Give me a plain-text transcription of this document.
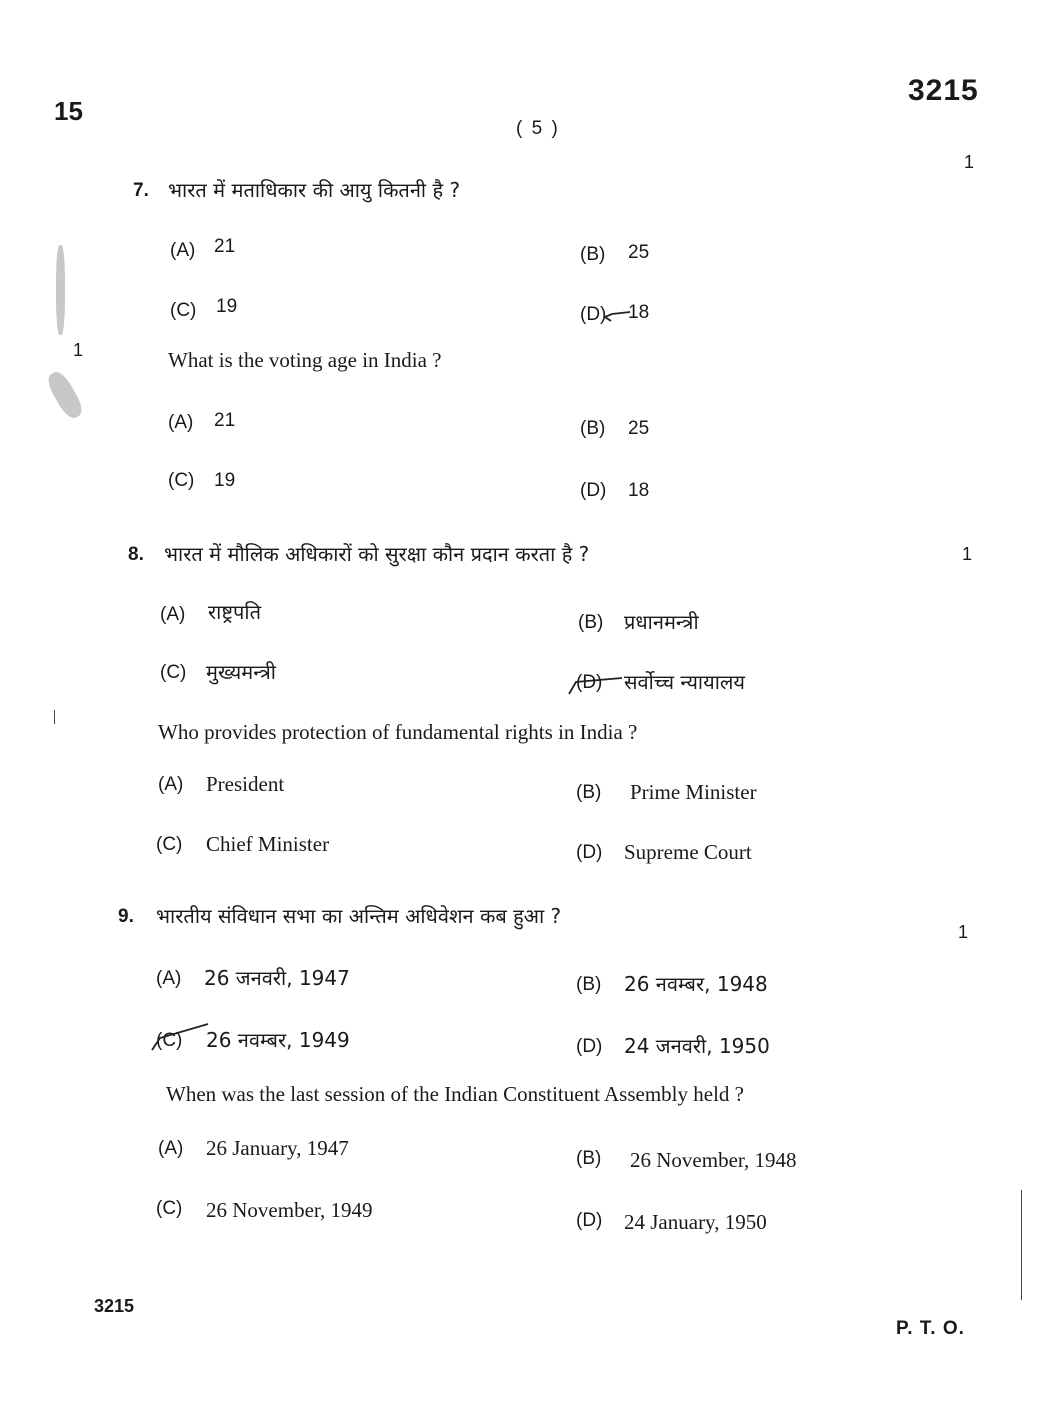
15
3215
( 5 )
7. भारत में मताधिकार की आयु कितनी है ?
1
1
(A) 21	(B) 25
(C) 19	(D) 18
What is the voting age in India ?
(A) 21	(B) 25
(C) 19	(D) 18
8. भारत में मौलिक अधिकारों को सुरक्षा कौन प्रदान करता है ?	1
(A) राष्ट्रपति	(B) प्रधानमन्त्री
(C) मुख्यमन्त्री	(D) सर्वोच्च न्यायालय
Who provides protection of fundamental rights in India ?
(A) President	(B) Prime Minister
(C) Chief Minister	(D) Supreme Court
9. भारतीय संविधान सभा का अन्तिम अधिवेशन कब हुआ ?
1
(A) 26 जनवरी, 1947	(B) 26 नवम्बर, 1948
(C) 26 नवम्बर, 1949	(D) 24 जनवरी, 1950
When was the last session of the Indian Constituent Assembly held ?
(A) 26 January, 1947	(B) 26 November, 1948
(C) 26 November, 1949	(D) 24 January, 1950
3215
P. T. O.
